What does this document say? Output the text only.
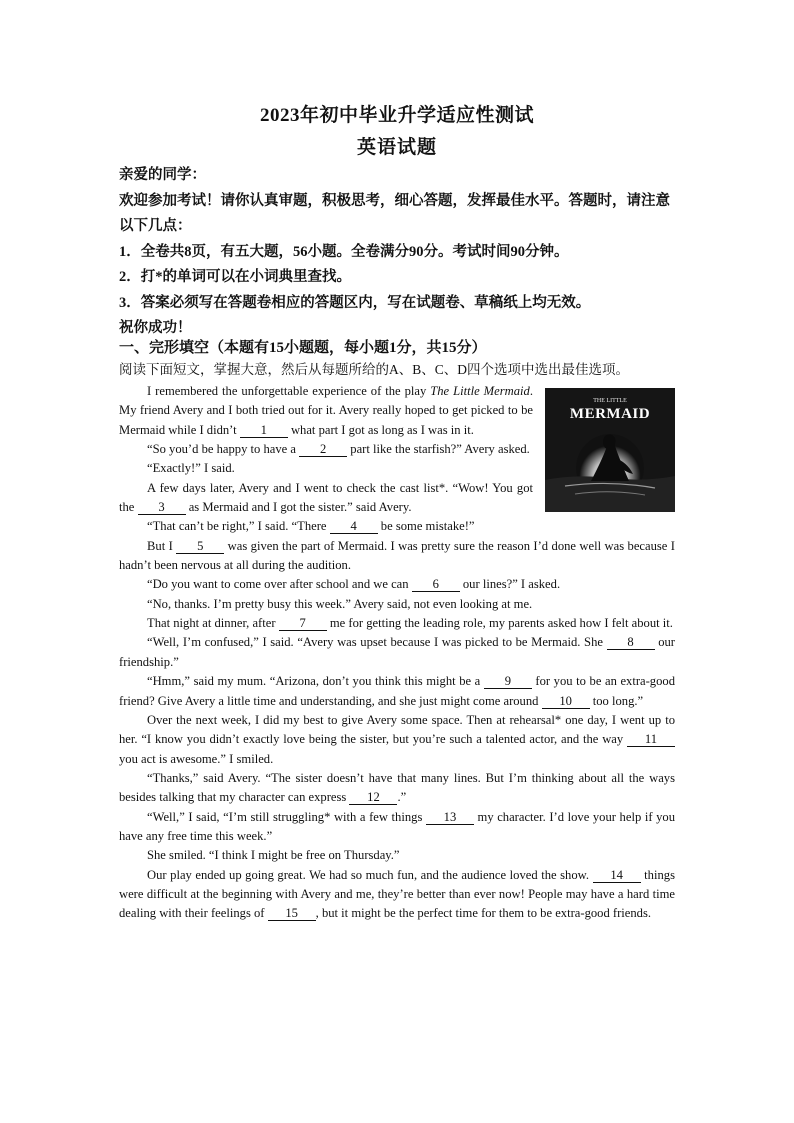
2023年初中毕业升学适应性测试
英语试题

亲爱的同学：

欢迎参加考试！请你认真审题，积极思考，细心答题，发挥最佳水平。答题时，请注意以下几点：

1．全卷共8页，有五大题，56小题。全卷满分90分。考试时间90分钟。

2．打*的单词可以在小词典里查找。

3．答案必须写在答题卷相应的答题区内，写在试题卷、草稿纸上均无效。

祝你成功！

一、完形填空（本题有15小题题，每小题1分，共15分）
阅读下面短文，掌握大意，然后从每题所给的A、B、C、D四个选项中选出最佳选项。
THE LITTLE
MERMAID

I remembered the unforgettable experience of the play The Little Mermaid. My friend Avery and I both tried out for it. Avery really hoped to get picked to be Mermaid while I didn’t 1 what part I got as long as I was in it.

“So you’d be happy to have a 2 part like the starfish?” Avery asked.

“Exactly!” I said.

A few days later, Avery and I went to check the cast list*. “Wow! You got the 3 as Mermaid and I got the sister.” said Avery.

“That can’t be right,” I said. “There 4 be some mistake!”

But I 5 was given the part of Mermaid. I was pretty sure the reason I’d done well was because I hadn’t been nervous at all during the audition.

“Do you want to come over after school and we can 6 our lines?” I asked.

“No, thanks. I’m pretty busy this week.” Avery said, not even looking at me.

That night at dinner, after 7 me for getting the leading role, my parents asked how I felt about it.

“Well, I’m confused,” I said. “Avery was upset because I was picked to be Mermaid. She 8 our friendship.”

“Hmm,” said my mum. “Arizona, don’t you think this might be a 9 for you to be an extra-good friend? Give Avery a little time and understanding, and she just might come around 10 too long.”

Over the next week, I did my best to give Avery some space. Then at rehearsal* one day, I went up to her. “I know you didn’t exactly love being the sister, but you’re such a talented actor, and the way 11 you act is awesome.” I smiled.

“Thanks,” said Avery. “The sister doesn’t have that many lines. But I’m thinking about all the ways besides talking that my character can express 12 .”

“Well,” I said, “I’m still struggling* with a few things 13 my character. I’d love your help if you have any free time this week.”

She smiled. “I think I might be free on Thursday.”

Our play ended up going great. We had so much fun, and the audience loved the show. 14 things were difficult at the beginning with Avery and me, they’re better than ever now! People may have a hard time dealing with their feelings of 15 , but it might be the perfect time for them to be extra-good friends.
